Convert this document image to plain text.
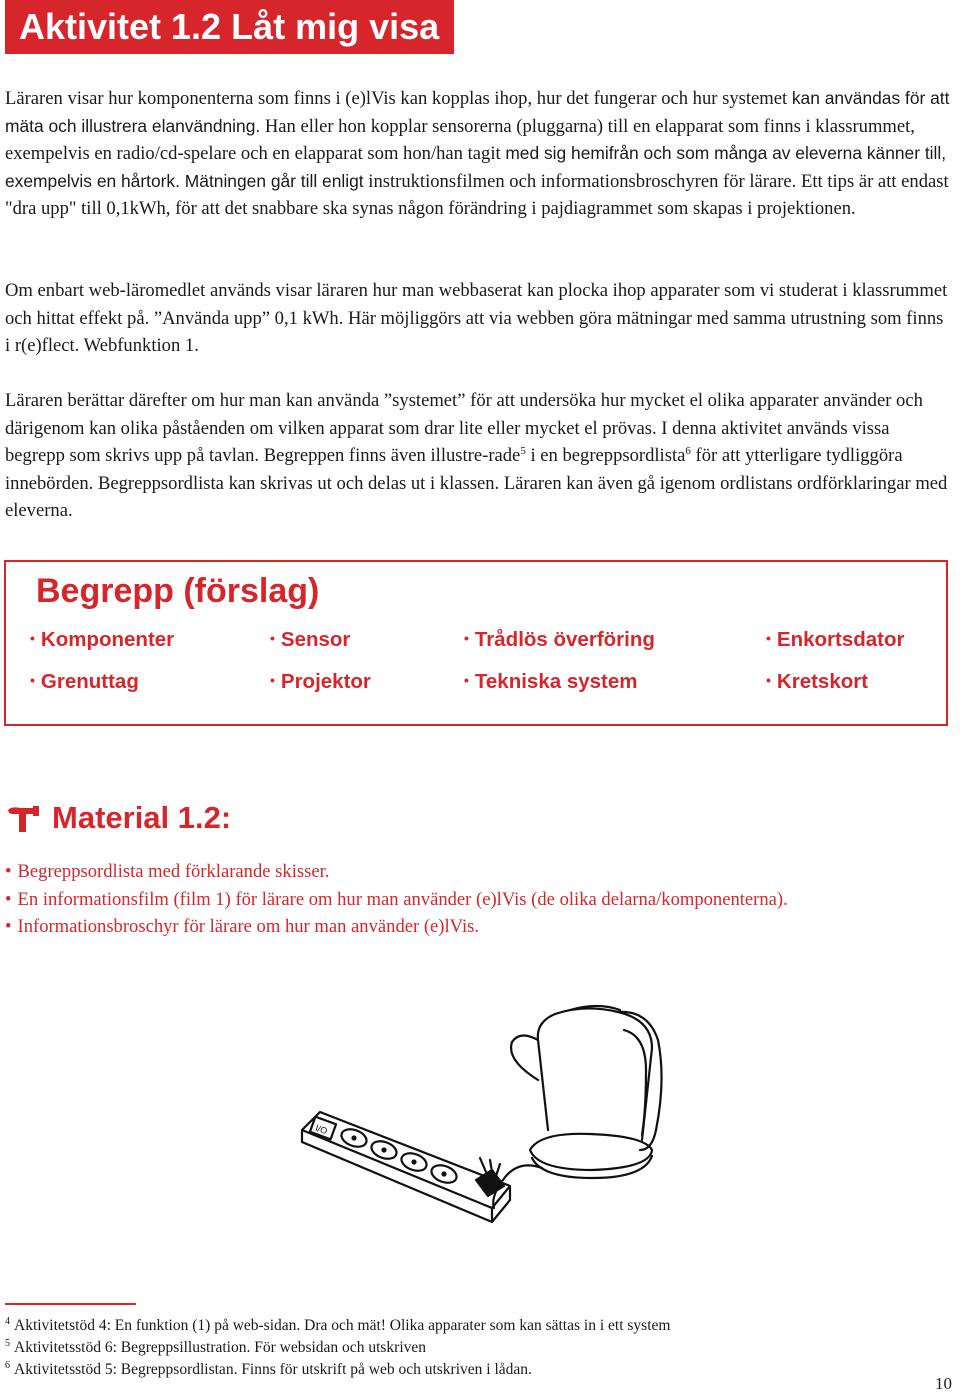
Aktivitet 1.2 Låt mig visa

Läraren visar hur komponenterna som finns i (e)lVis kan kopplas ihop, hur det fungerar och hur systemet kan användas för att mäta och illustrera elanvändning. Han eller hon kopplar sensorerna (pluggarna) till en elapparat som finns i klassrummet, exempelvis en radio/cd-spelare och en elapparat som hon/han tagit med sig hemifrån och som många av eleverna känner till, exempelvis en hårtork. Mätningen går till enligt instruktionsfilmen och informationsbroschyren för lärare. Ett tips är att endast "dra upp" till 0,1kWh, för att det snabbare ska synas någon förändring i pajdiagrammet som skapas i projektionen.

Om enbart web-läromedlet används visar läraren hur man webbaserat kan plocka ihop apparater som vi studerat i klassrummet och hittat effekt på. ”Använda upp” 0,1 kWh. Här möjliggörs att via webben göra mätningar med samma utrustning som finns i r(e)flect. Webfunktion 1.

Läraren berättar därefter om hur man kan använda ”systemet” för att undersöka hur mycket el olika apparater använder och därigenom kan olika påståenden om vilken apparat som drar lite eller mycket el prövas. I denna aktivitet används vissa begrepp som skrivs upp på tavlan. Begreppen finns även illustre-rade$^5$ i en begreppsordlista$^6$ för att ytterligare tydliggöra innebörden. Begreppsordlista kan skrivas ut och delas ut i klassen. Läraren kan även gå igenom ordlistans ordförklaringar med eleverna.

Begrepp (förslag)
• Komponenter	• Sensor	• Trådlös överföring	• Enkortsdator
• Grenuttag	• Projektor	• Tekniska system	• Kretskort
Material 1.2:
• Begreppsordlista med förklarande skisser.
• En informationsfilm (film 1) för lärare om hur man använder (e)lVis (de olika delarna/komponenterna).
• Informationsbroschyr för lärare om hur man använder (e)lVis.
I/O
$^4$ Aktivitetstöd 4: En funktion (1) på web-sidan. Dra och mät! Olika apparater som kan sättas in i ett system
$^5$ Aktivitetsstöd 6: Begreppsillustration. För websidan och utskriven
$^6$ Aktivitetsstöd 5: Begreppsordlistan. Finns för utskrift på web och utskriven i lådan.
10
